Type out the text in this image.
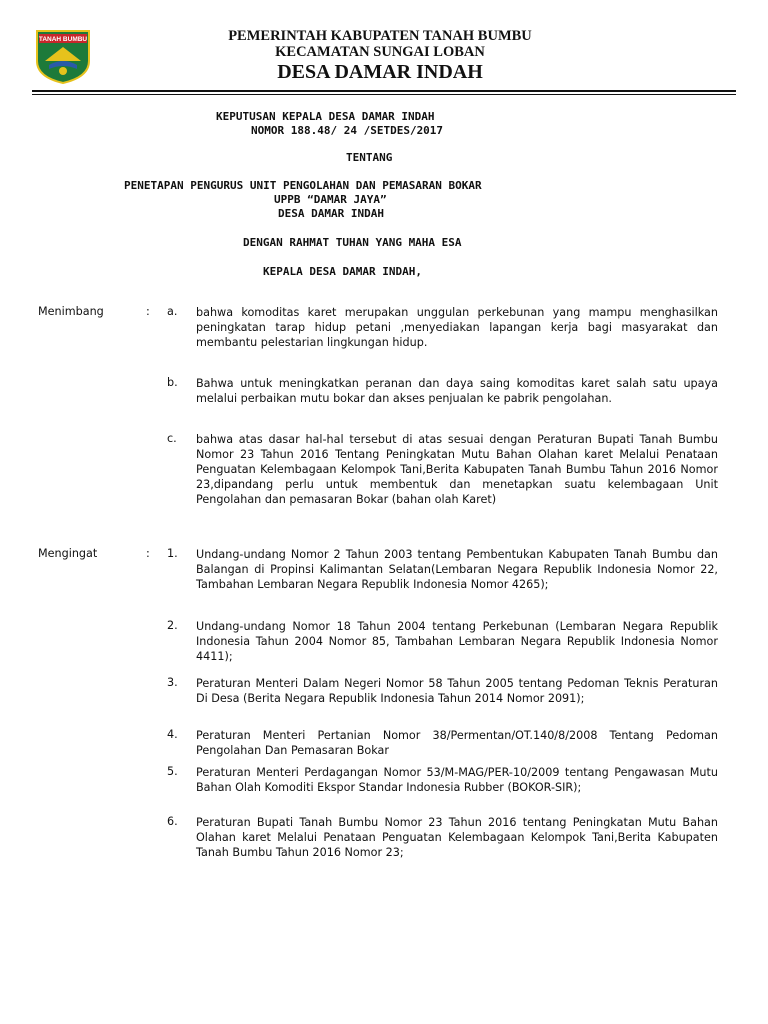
TANAH BUMBU	PEMERINTAH KABUPATEN TANAH BUMBU
KECAMATAN SUNGAI LOBAN
DESA DAMAR INDAH
KEPUTUSAN KEPALA DESA DAMAR INDAH
NOMOR 188.48/ 24 /SETDES/2017
TENTANG
PENETAPAN PENGURUS UNIT PENGOLAHAN DAN PEMASARAN BOKAR
UPPB “DAMAR JAYA”
DESA DAMAR INDAH
DENGAN RAHMAT TUHAN YANG MAHA ESA
KEPALA DESA DAMAR INDAH,
Menimbang	: a. bahwa komoditas karet merupakan unggulan perkebunan yang mampu menghasilkan peningkatan tarap hidup petani ,menyediakan lapangan kerja bagi masyarakat dan membantu pelestarian lingkungan hidup.

b. Bahwa untuk meningkatkan peranan dan daya saing komoditas karet salah satu upaya melalui perbaikan mutu bokar dan akses penjualan ke pabrik pengolahan.

c. bahwa atas dasar hal-hal tersebut di atas sesuai dengan Peraturan Bupati Tanah Bumbu Nomor 23 Tahun 2016 Tentang Peningkatan Mutu Bahan Olahan karet Melalui Penataan Penguatan Kelembagaan Kelompok Tani,Berita Kabupaten Tanah Bumbu Tahun 2016 Nomor 23,dipandang perlu untuk membentuk dan menetapkan suatu kelembagaan Unit Pengolahan dan pemasaran Bokar (bahan olah Karet)

Mengingat	: 1. Undang-undang Nomor 2 Tahun 2003 tentang Pembentukan Kabupaten Tanah Bumbu dan Balangan di Propinsi Kalimantan Selatan(Lembaran Negara Republik Indonesia Nomor 22, Tambahan Lembaran Negara Republik Indonesia Nomor 4265);

2. Undang-undang Nomor 18 Tahun 2004 tentang Perkebunan (Lembaran Negara Republik Indonesia Tahun 2004 Nomor 85, Tambahan Lembaran Negara Republik Indonesia Nomor 4411);

3. Peraturan Menteri Dalam Negeri Nomor 58 Tahun 2005 tentang Pedoman Teknis Peraturan Di Desa (Berita Negara Republik Indonesia Tahun 2014 Nomor 2091);

4. Peraturan Menteri Pertanian Nomor 38/Permentan/OT.140/8/2008 Tentang Pedoman Pengolahan Dan Pemasaran Bokar

5. Peraturan Menteri Perdagangan Nomor 53/M-MAG/PER-10/2009 tentang Pengawasan Mutu Bahan Olah Komoditi Ekspor Standar Indonesia Rubber (BOKOR-SIR);

6. Peraturan Bupati Tanah Bumbu Nomor 23 Tahun 2016 tentang Peningkatan Mutu Bahan Olahan karet Melalui Penataan Penguatan Kelembagaan Kelompok Tani,Berita Kabupaten Tanah Bumbu Tahun 2016 Nomor 23;
